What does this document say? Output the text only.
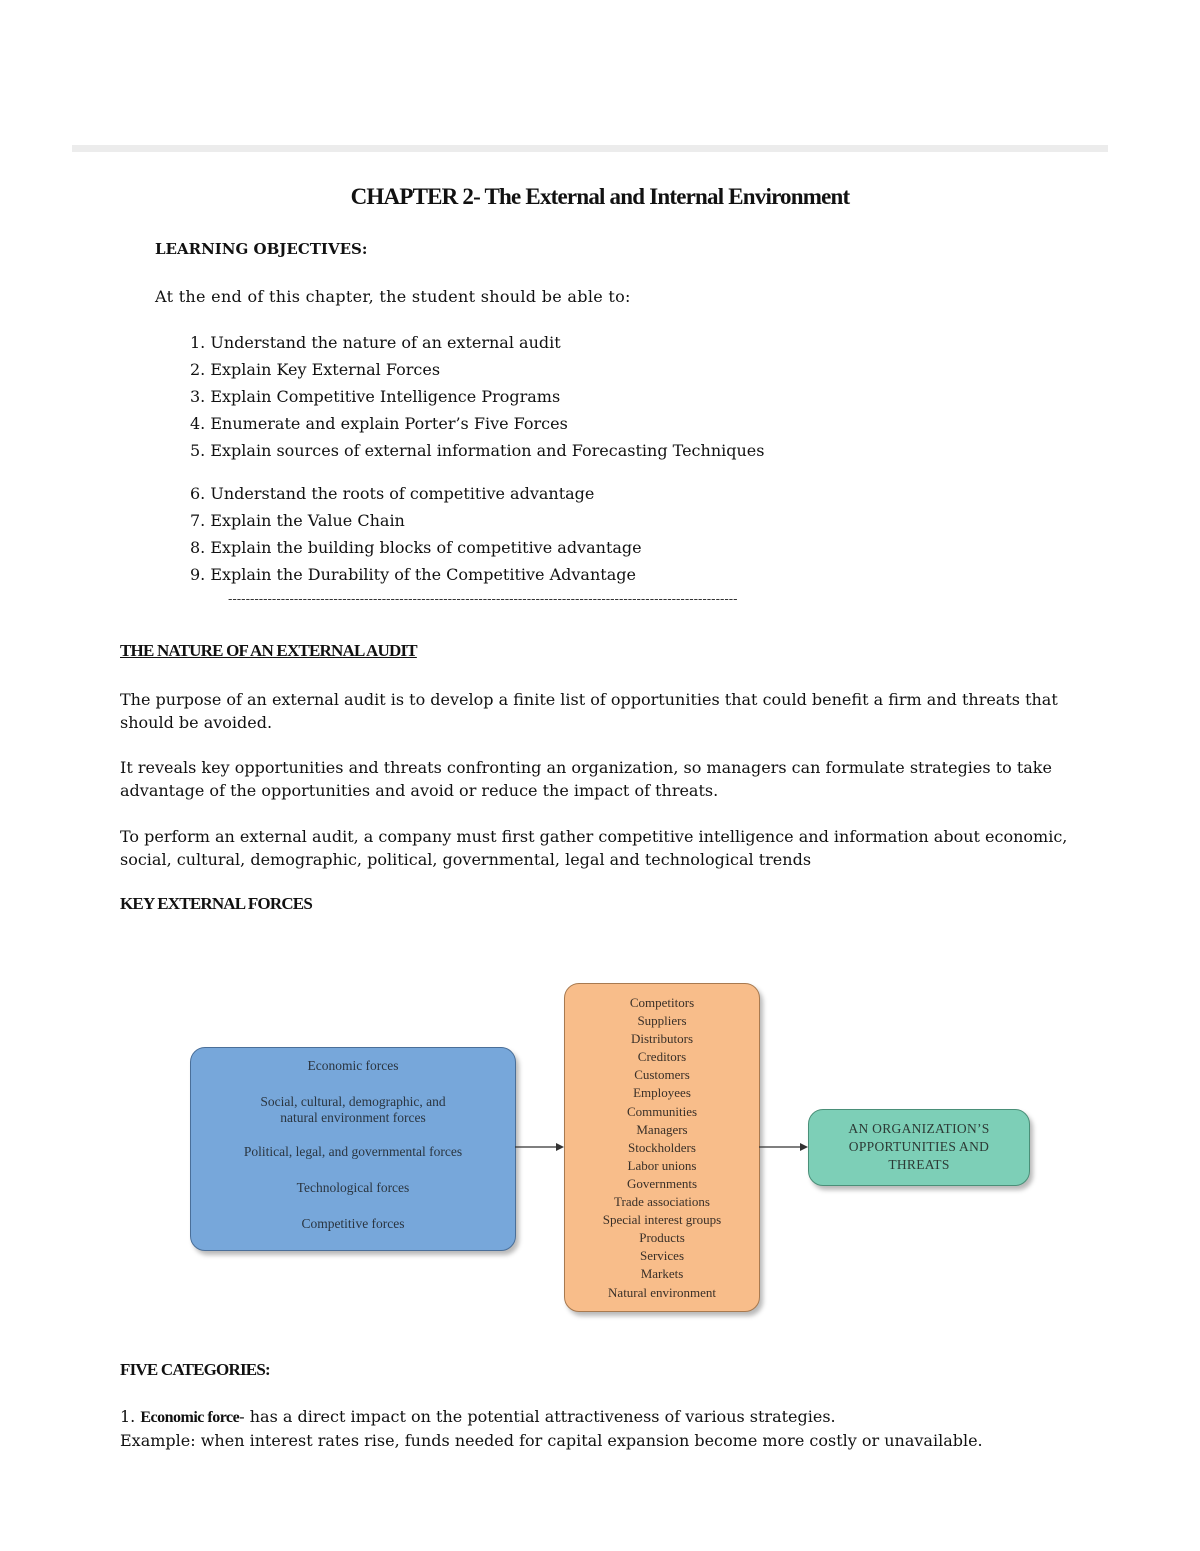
CHAPTER 2- The External and Internal Environment
LEARNING OBJECTIVES:
At the end of this chapter, the student should be able to:
1. Understand the nature of an external audit
2. Explain Key External Forces
3. Explain Competitive Intelligence Programs
4. Enumerate and explain Porter’s Five Forces
5. Explain sources of external information and Forecasting Techniques
6. Understand the roots of competitive advantage
7. Explain the Value Chain
8. Explain the building blocks of competitive advantage
9. Explain the Durability of the Competitive Advantage
--------------------------------------------------------------------------------------------------------------------
THE NATURE OF AN EXTERNAL AUDIT

The purpose of an external audit is to develop a finite list of opportunities that could benefit a firm and threats that should be avoided.

It reveals key opportunities and threats confronting an organization, so managers can formulate strategies to take advantage of the opportunities and avoid or reduce the impact of threats.

To perform an external audit, a company must first gather competitive intelligence and information about economic, social, cultural, demographic, political, governmental, legal and technological trends

KEY EXTERNAL FORCES
Economic forces
Social, cultural, demographic, and natural environment forces
Political, legal, and governmental forces
Technological forces
Competitive forces
Competitors
Suppliers
Distributors
Creditors
Customers
Employees
Communities
Managers
Stockholders
Labor unions
Governments
Trade associations
Special interest groups
Products
Services
Markets
Natural environment
AN ORGANIZATION’S OPPORTUNITIES AND THREATS
FIVE CATEGORIES:

1. Economic force- has a direct impact on the potential attractiveness of various strategies.
Example: when interest rates rise, funds needed for capital expansion become more costly or unavailable.
